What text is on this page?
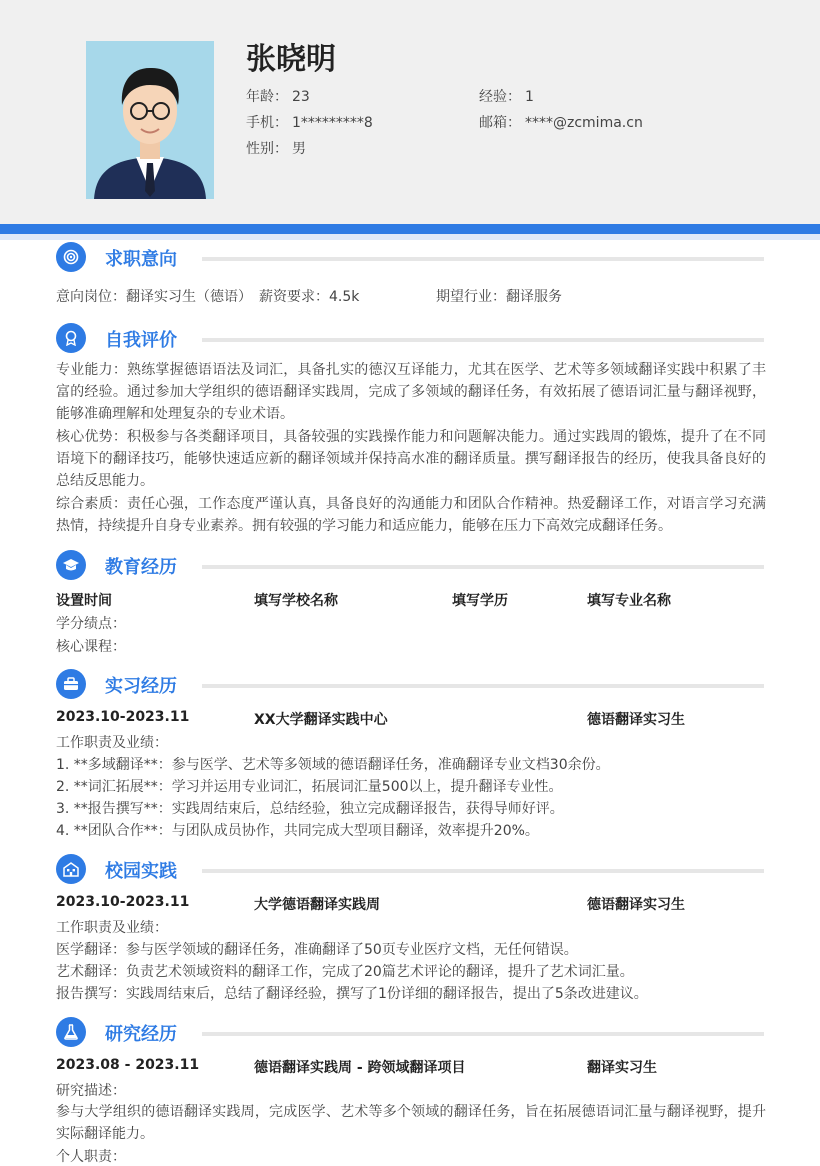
张晓明
年龄： 23	经验： 1
手机： 1*********8	邮箱： ****@zcmima.cn
性别： 男
求职意向
意向岗位：翻译实习生（德语） 薪资要求：4.5k	期望行业：翻译服务
自我评价
专业能力：熟练掌握德语语法及词汇，具备扎实的德汉互译能力，尤其在医学、艺术等多领域翻译实践中积累了丰富的经验。通过参加大学组织的德语翻译实践周，完成了多领域的翻译任务，有效拓展了德语词汇量与翻译视野，能够准确理解和处理复杂的专业术语。
核心优势：积极参与各类翻译项目，具备较强的实践操作能力和问题解决能力。通过实践周的锻炼，提升了在不同语境下的翻译技巧，能够快速适应新的翻译领域并保持高水准的翻译质量。撰写翻译报告的经历，使我具备良好的总结反思能力。
综合素质：责任心强，工作态度严谨认真，具备良好的沟通能力和团队合作精神。热爱翻译工作，对语言学习充满热情，持续提升自身专业素养。拥有较强的学习能力和适应能力，能够在压力下高效完成翻译任务。
教育经历
设置时间	填写学校名称	填写学历	填写专业名称
学分绩点：
核心课程：
实习经历
2023.10-2023.11	XX大学翻译实践中心	德语翻译实习生
工作职责及业绩：
1. **多域翻译**：参与医学、艺术等多领域的德语翻译任务，准确翻译专业文档30余份。
2. **词汇拓展**：学习并运用专业词汇，拓展词汇量500以上，提升翻译专业性。
3. **报告撰写**：实践周结束后，总结经验，独立完成翻译报告，获得导师好评。
4. **团队合作**：与团队成员协作，共同完成大型项目翻译，效率提升20%。
校园实践
2023.10-2023.11	大学德语翻译实践周	德语翻译实习生
工作职责及业绩：
医学翻译：参与医学领域的翻译任务，准确翻译了50页专业医疗文档，无任何错误。
艺术翻译：负责艺术领域资料的翻译工作，完成了20篇艺术评论的翻译，提升了艺术词汇量。
报告撰写：实践周结束后，总结了翻译经验，撰写了1份详细的翻译报告，提出了5条改进建议。
研究经历
2023.08 - 2023.11	德语翻译实践周 - 跨领域翻译项目	翻译实习生
研究描述：
参与大学组织的德语翻译实践周，完成医学、艺术等多个领域的翻译任务，旨在拓展德语词汇量与翻译视野，提升实际翻译能力。
个人职责：
